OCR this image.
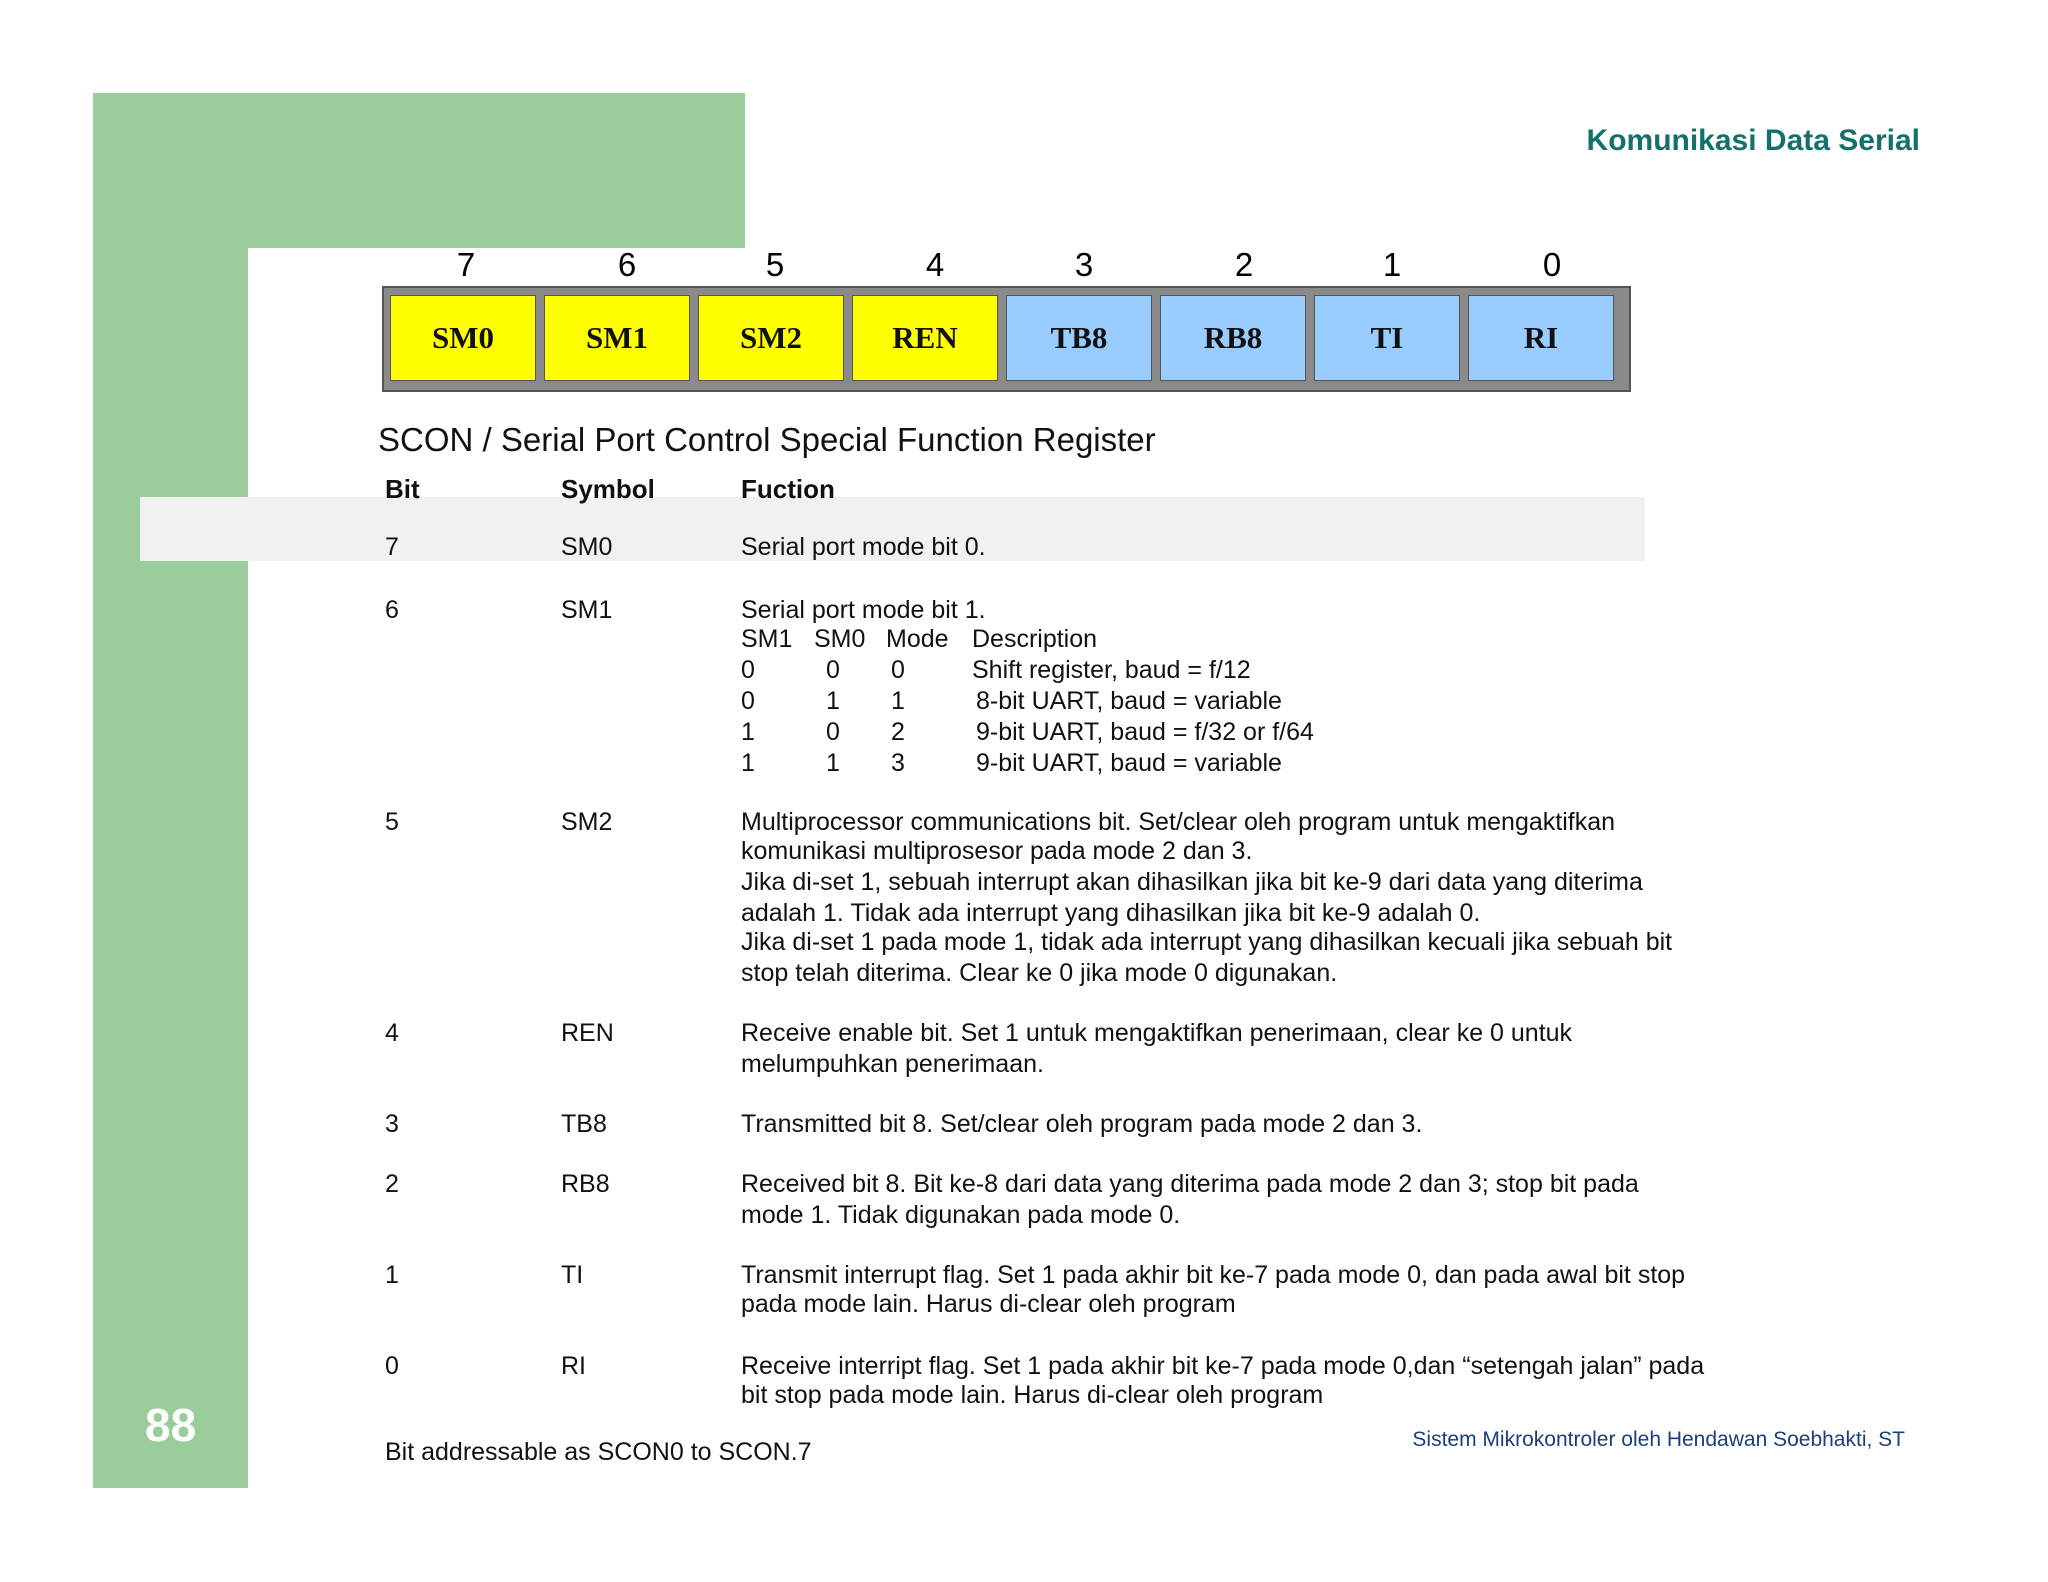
Komunikasi Data Serial
7	6	5	4	3	2	1	0
SM0	SM1	SM2	REN	TB8	RB8	TI	RI
SCON / Serial Port Control Special Function Register
Bit	Symbol	Fuction
7	SM0	Serial port mode bit 0.
6	SM1	Serial port mode bit 1.
SM1	SM0	Mode	Description
0	0	0	Shift register, baud = f/12
0	1	1	8-bit UART, baud = variable
1	0	2	9-bit UART, baud = f/32 or f/64
1	1	3	9-bit UART, baud = variable
5	SM2	Multiprocessor communications bit. Set/clear oleh program untuk mengaktifkan
komunikasi multiprosesor pada mode 2 dan 3.
Jika di-set 1, sebuah interrupt akan dihasilkan jika bit ke-9 dari data yang diterima
adalah 1. Tidak ada interrupt yang dihasilkan jika bit ke-9 adalah 0.
Jika di-set 1 pada mode 1, tidak ada interrupt yang dihasilkan kecuali jika sebuah bit
stop telah diterima. Clear ke 0 jika mode 0 digunakan.
4	REN	Receive enable bit. Set 1 untuk mengaktifkan penerimaan, clear ke 0 untuk
melumpuhkan penerimaan.
3	TB8	Transmitted bit 8. Set/clear oleh program pada mode 2 dan 3.
2	RB8	Received bit 8. Bit ke-8 dari data yang diterima pada mode 2 dan 3; stop bit pada
mode 1. Tidak digunakan pada mode 0.
1	TI	Transmit interrupt flag. Set 1 pada akhir bit ke-7 pada mode 0, dan pada awal bit stop
pada mode lain. Harus di-clear oleh program
0	RI	Receive interript flag. Set 1 pada akhir bit ke-7 pada mode 0,dan “setengah jalan” pada
bit stop pada mode lain. Harus di-clear oleh program
Bit addressable as SCON0 to SCON.7
88	Sistem Mikrokontroler oleh Hendawan Soebhakti, ST
